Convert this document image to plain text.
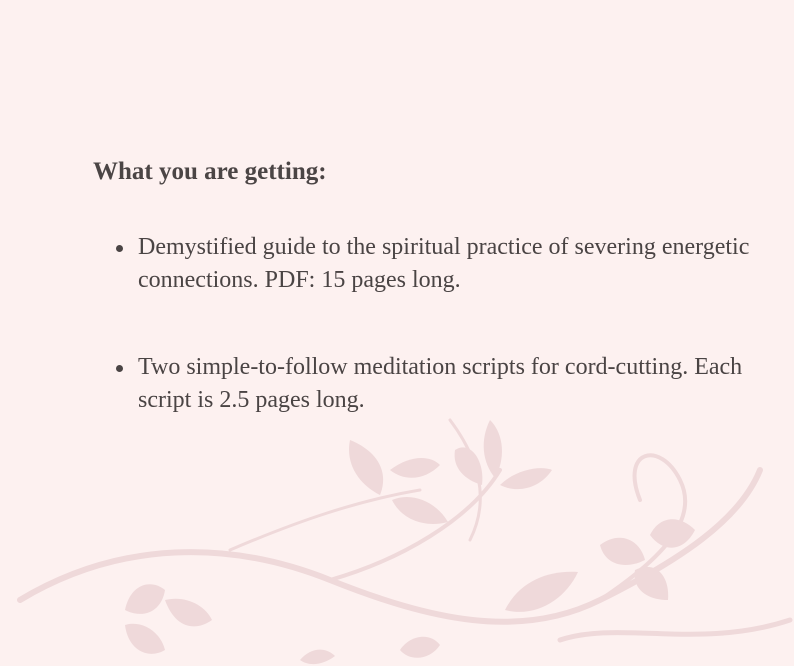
What you are getting:
Demystified guide to the spiritual practice of severing energetic connections. PDF: 15 pages long.
Two simple-to-follow meditation scripts for cord-cutting. Each script is 2.5 pages long.
